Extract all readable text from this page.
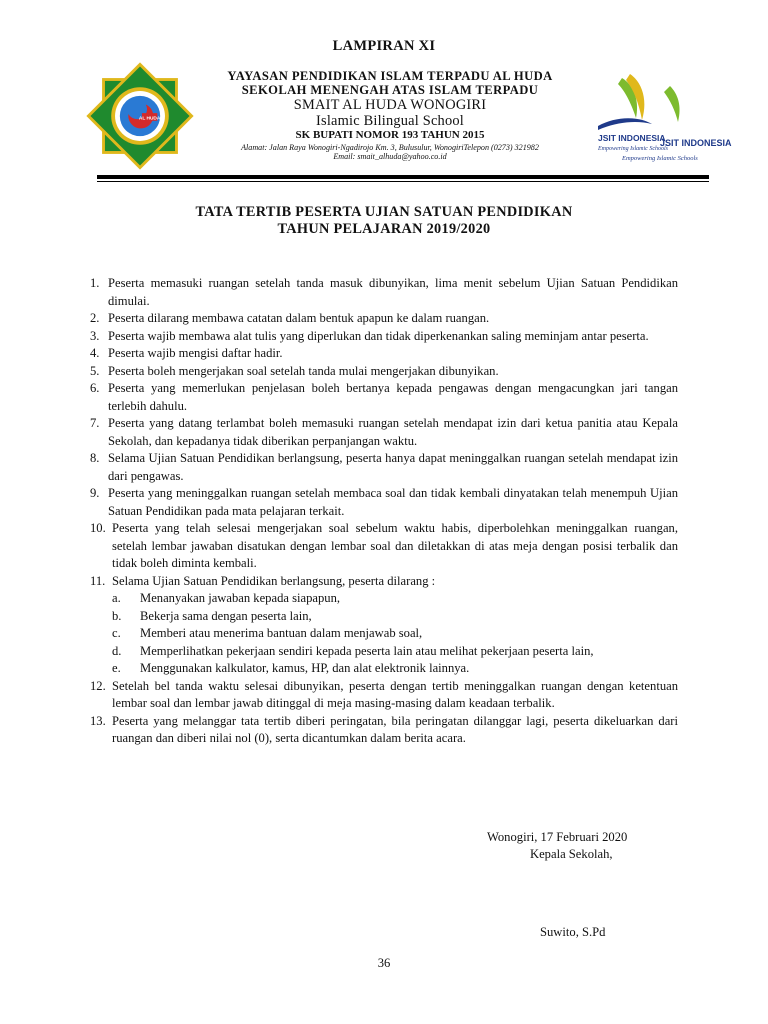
LAMPIRAN XI
AL HUDA
YAYASAN PENDIDIKAN ISLAM TERPADU AL HUDA
SEKOLAH MENENGAH ATAS ISLAM TERPADU
SMAIT AL HUDA WONOGIRI
Islamic Bilingual School
SK BUPATI NOMOR 193 TAHUN 2015
Alamat: Jalan Raya Wonogiri-Ngadirojo Km. 3, Bulusulur, WonogiriTelepon (0273) 321982
Email: smait_alhuda@yahoo.co.id
JSIT INDONESIA
Empowering Islamic Schools
JSIT INDONESIA
Empowering Islamic Schools
TATA TERTIB PESERTA UJIAN SATUAN PENDIDIKAN
TAHUN PELAJARAN 2019/2020
1. Peserta memasuki ruangan setelah tanda masuk dibunyikan, lima menit sebelum Ujian Satuan Pendidikan dimulai.
2. Peserta dilarang membawa catatan dalam bentuk apapun ke dalam ruangan.
3. Peserta wajib membawa alat tulis yang diperlukan dan tidak diperkenankan saling meminjam antar peserta.
4. Peserta wajib mengisi daftar hadir.
5. Peserta boleh mengerjakan soal setelah tanda mulai mengerjakan dibunyikan.
6. Peserta yang memerlukan penjelasan boleh bertanya kepada pengawas dengan mengacungkan jari tangan terlebih dahulu.
7. Peserta yang datang terlambat boleh memasuki ruangan setelah mendapat izin dari ketua panitia atau Kepala Sekolah, dan kepadanya tidak diberikan perpanjangan waktu.
8. Selama Ujian Satuan Pendidikan berlangsung, peserta hanya dapat meninggalkan ruangan setelah mendapat izin dari pengawas.
9. Peserta yang meninggalkan ruangan setelah membaca soal dan tidak kembali dinyatakan telah menempuh Ujian Satuan Pendidikan pada mata pelajaran terkait.
10. Peserta yang telah selesai mengerjakan soal sebelum waktu habis, diperbolehkan meninggalkan ruangan, setelah lembar jawaban disatukan dengan lembar soal dan diletakkan di atas meja dengan posisi terbalik dan tidak boleh diminta kembali.
11. Selama Ujian Satuan Pendidikan berlangsung, peserta dilarang :
a.	Menanyakan jawaban kepada siapapun,
b.	Bekerja sama dengan peserta lain,
c.	Memberi atau menerima bantuan dalam menjawab soal,
d.	Memperlihatkan pekerjaan sendiri kepada peserta lain atau melihat pekerjaan peserta lain,
e.	Menggunakan kalkulator, kamus, HP, dan alat elektronik lainnya.
12. Setelah bel tanda waktu selesai dibunyikan, peserta dengan tertib meninggalkan ruangan dengan ketentuan lembar soal dan lembar jawab ditinggal di meja masing-masing dalam keadaan terbalik.
13. Peserta yang melanggar tata tertib diberi peringatan, bila peringatan dilanggar lagi, peserta dikeluarkan dari ruangan dan diberi nilai nol (0), serta dicantumkan dalam berita acara.
Wonogiri, 17 Februari 2020
Kepala Sekolah,
Suwito, S.Pd
36
